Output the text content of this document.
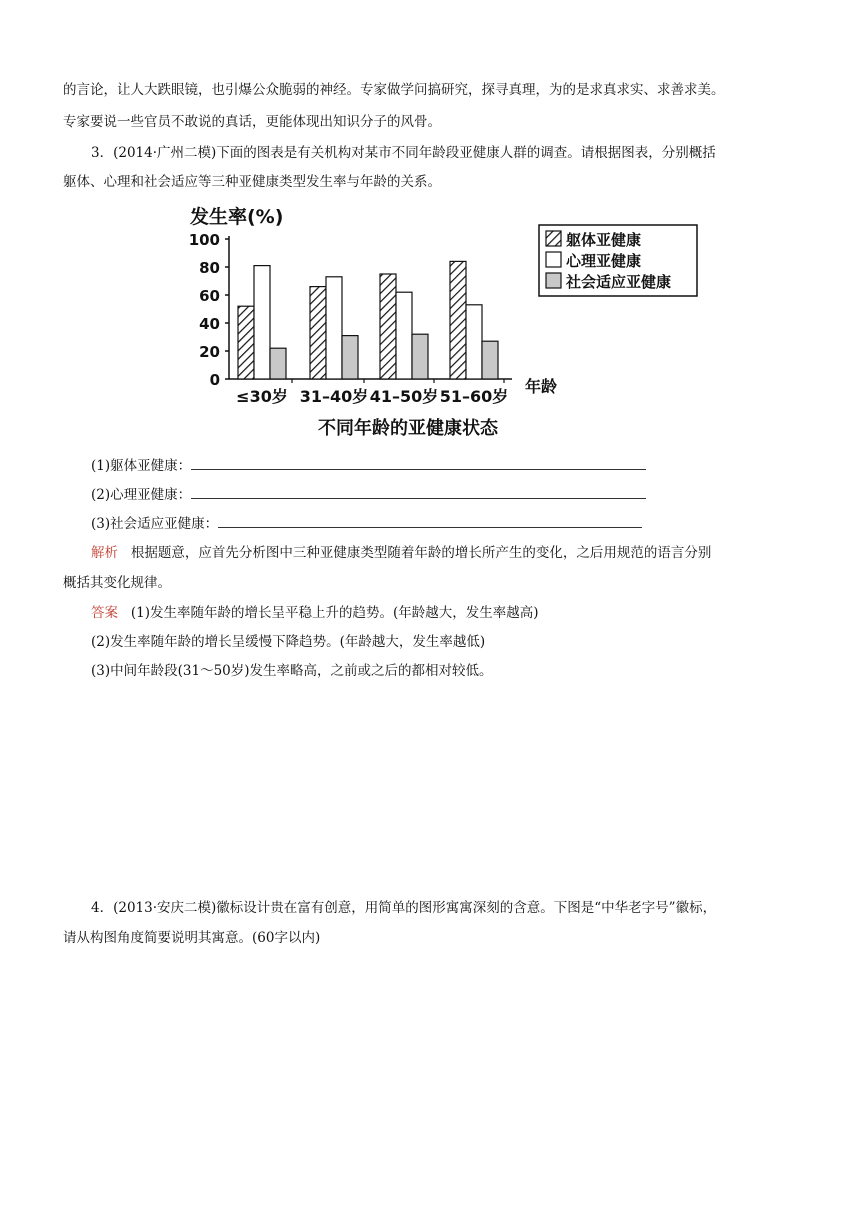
的言论，让人大跌眼镜，也引爆公众脆弱的神经。专家做学问搞研究，探寻真理，为的是求真求实、求善求美。
专家要说一些官员不敢说的真话，更能体现出知识分子的风骨。
3．(2014·广州二模)下面的图表是有关机构对某市不同年龄段亚健康人群的调查。请根据图表，分别概括
躯体、心理和社会适应等三种亚健康类型发生率与年龄的关系。
发生率(%)
0
20
40
60
80
100
≤30岁 31–40岁 41–50岁 51–60岁
年龄
不同年龄的亚健康状态
躯体亚健康
心理亚健康
社会适应亚健康
(1)躯体亚健康：
(2)心理亚健康：
(3)社会适应亚健康：
解析 根据题意，应首先分析图中三种亚健康类型随着年龄的增长所产生的变化，之后用规范的语言分别
概括其变化规律。
答案 (1)发生率随年龄的增长呈平稳上升的趋势。(年龄越大，发生率越高)
(2)发生率随年龄的增长呈缓慢下降趋势。(年龄越大，发生率越低)
(3)中间年龄段(31～50岁)发生率略高，之前或之后的都相对较低。
4．(2013·安庆二模)徽标设计贵在富有创意，用简单的图形寓寓深刻的含意。下图是“中华老字号”徽标，
请从构图角度简要说明其寓意。(60字以内)
